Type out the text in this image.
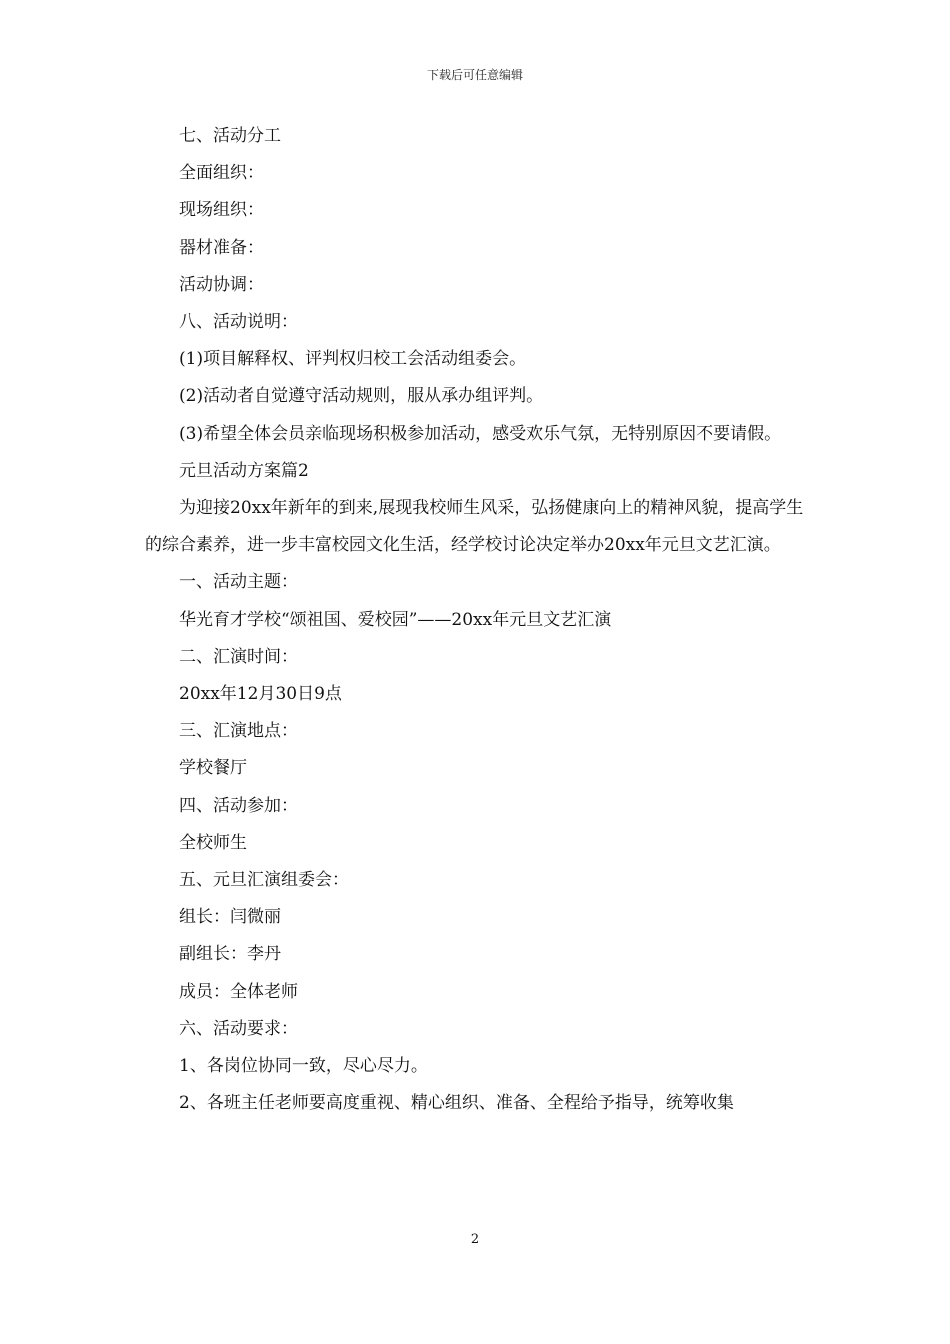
下载后可任意编辑

七、活动分工

全面组织：

现场组织：

器材准备：

活动协调：

八、活动说明：

(1)项目解释权、评判权归校工会活动组委会。

(2)活动者自觉遵守活动规则，服从承办组评判。

(3)希望全体会员亲临现场积极参加活动，感受欢乐气氛，无特别原因不要请假。

元旦活动方案篇2

为迎接20xx年新年的到来,展现我校师生风采，弘扬健康向上的精神风貌，提高学生的综合素养，进一步丰富校园文化生活，经学校讨论决定举办20xx年元旦文艺汇演。

一、活动主题：

华光育才学校“颂祖国、爱校园”——20xx年元旦文艺汇演

二、汇演时间：

20xx年12月30日9点

三、汇演地点：

学校餐厅

四、活动参加：

全校师生

五、元旦汇演组委会：

组长：闫微丽

副组长：李丹

成员：全体老师

六、活动要求：

1、各岗位协同一致，尽心尽力。

2、各班主任老师要高度重视、精心组织、准备、全程给予指导，统筹收集

2
